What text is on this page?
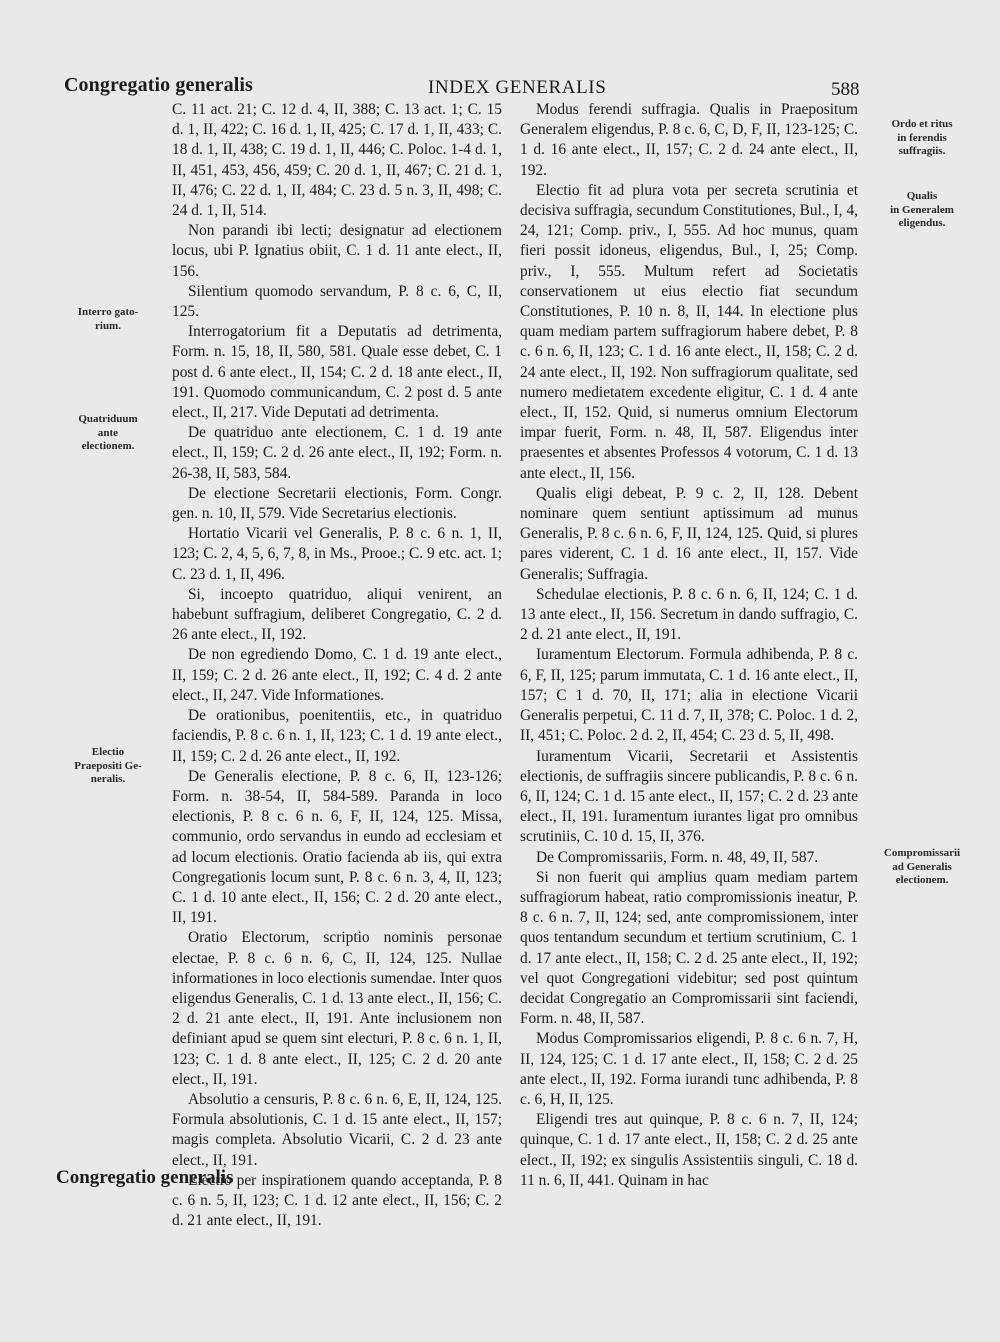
Congregatio generalis	INDEX GENERALIS	588
Interro gato-
rium.
Quatriduum
ante
electionem.
Electio
Praepositi Ge-
neralis.
Ordo et ritus
in ferendis
suffragiis.
Qualis
in Generalem
eligendus.
Compromissarii
ad Generalis
electionem.

C. 11 act. 21; C. 12 d. 4, II, 388; C. 13 act. 1; C. 15 d. 1, II, 422; C. 16 d. 1, II, 425; C. 17 d. 1, II, 433; C. 18 d. 1, II, 438; C. 19 d. 1, II, 446; C. Poloc. 1-4 d. 1, II, 451, 453, 456, 459; C. 20 d. 1, II, 467; C. 21 d. 1, II, 476; C. 22 d. 1, II, 484; C. 23 d. 5 n. 3, II, 498; C. 24 d. 1, II, 514.

Non parandi ibi lecti; designatur ad electionem locus, ubi P. Ignatius obiit, C. 1 d. 11 ante elect., II, 156.

Silentium quomodo servandum, P. 8 c. 6, C, II, 125.

Interrogatorium fit a Deputatis ad detrimenta, Form. n. 15, 18, II, 580, 581. Quale esse debet, C. 1 post d. 6 ante elect., II, 154; C. 2 d. 18 ante elect., II, 191. Quomodo communicandum, C. 2 post d. 5 ante elect., II, 217. Vide Deputati ad detrimenta.

De quatriduo ante electionem, C. 1 d. 19 ante elect., II, 159; C. 2 d. 26 ante elect., II, 192; Form. n. 26-38, II, 583, 584.

De electione Secretarii electionis, Form. Congr. gen. n. 10, II, 579. Vide Secretarius electionis.

Hortatio Vicarii vel Generalis, P. 8 c. 6 n. 1, II, 123; C. 2, 4, 5, 6, 7, 8, in Ms., Prooe.; C. 9 etc. act. 1; C. 23 d. 1, II, 496.

Si, incoepto quatriduo, aliqui venirent, an habebunt suffragium, deliberet Congregatio, C. 2 d. 26 ante elect., II, 192.

De non egrediendo Domo, C. 1 d. 19 ante elect., II, 159; C. 2 d. 26 ante elect., II, 192; C. 4 d. 2 ante elect., II, 247. Vide Informationes.

De orationibus, poenitentiis, etc., in quatriduo faciendis, P. 8 c. 6 n. 1, II, 123; C. 1 d. 19 ante elect., II, 159; C. 2 d. 26 ante elect., II, 192.

De Generalis electione, P. 8 c. 6, II, 123-126; Form. n. 38-54, II, 584-589. Paranda in loco electionis, P. 8 c. 6 n. 6, F, II, 124, 125. Missa, communio, ordo servandus in eundo ad ecclesiam et ad locum electionis. Oratio facienda ab iis, qui extra Congregationis locum sunt, P. 8 c. 6 n. 3, 4, II, 123; C. 1 d. 10 ante elect., II, 156; C. 2 d. 20 ante elect., II, 191.

Oratio Electorum, scriptio nominis personae electae, P. 8 c. 6 n. 6, C, II, 124, 125. Nullae informationes in loco electionis sumendae. Inter quos eligendus Generalis, C. 1 d. 13 ante elect., II, 156; C. 2 d. 21 ante elect., II, 191. Ante inclusionem non definiant apud se quem sint electuri, P. 8 c. 6 n. 1, II, 123; C. 1 d. 8 ante elect., II, 125; C. 2 d. 20 ante elect., II, 191.

Absolutio a censuris, P. 8 c. 6 n. 6, E, II, 124, 125. Formula absolutionis, C. 1 d. 15 ante elect., II, 157; magis completa. Absolutio Vicarii, C. 2 d. 23 ante elect., II, 191.

Electio per inspirationem quando acceptanda, P. 8 c. 6 n. 5, II, 123; C. 1 d. 12 ante elect., II, 156; C. 2 d. 21 ante elect., II, 191.

Modus ferendi suffragia. Qualis in Praepositum Generalem eligendus, P. 8 c. 6, C, D, F, II, 123-125; C. 1 d. 16 ante elect., II, 157; C. 2 d. 24 ante elect., II, 192.

Electio fit ad plura vota per secreta scrutinia et decisiva suffragia, secundum Constitutiones, Bul., I, 4, 24, 121; Comp. priv., I, 555. Ad hoc munus, quam fieri possit idoneus, eligendus, Bul., I, 25; Comp. priv., I, 555. Multum refert ad Societatis conservationem ut eius electio fiat secundum Constitutiones, P. 10 n. 8, II, 144. In electione plus quam mediam partem suffragiorum habere debet, P. 8 c. 6 n. 6, II, 123; C. 1 d. 16 ante elect., II, 158; C. 2 d. 24 ante elect., II, 192. Non suffragiorum qualitate, sed numero medietatem excedente eligitur, C. 1 d. 4 ante elect., II, 152. Quid, si numerus omnium Electorum impar fuerit, Form. n. 48, II, 587. Eligendus inter praesentes et absentes Professos 4 votorum, C. 1 d. 13 ante elect., II, 156.

Qualis eligi debeat, P. 9 c. 2, II, 128. Debent nominare quem sentiunt aptissimum ad munus Generalis, P. 8 c. 6 n. 6, F, II, 124, 125. Quid, si plures pares viderent, C. 1 d. 16 ante elect., II, 157. Vide Generalis; Suffragia.

Schedulae electionis, P. 8 c. 6 n. 6, II, 124; C. 1 d. 13 ante elect., II, 156. Secretum in dando suffragio, C. 2 d. 21 ante elect., II, 191.

Iuramentum Electorum. Formula adhibenda, P. 8 c. 6, F, II, 125; parum immutata, C. 1 d. 16 ante elect., II, 157; C 1 d. 70, II, 171; alia in electione Vicarii Generalis perpetui, C. 11 d. 7, II, 378; C. Poloc. 1 d. 2, II, 451; C. Poloc. 2 d. 2, II, 454; C. 23 d. 5, II, 498.

Iuramentum Vicarii, Secretarii et Assistentis electionis, de suffragiis sincere publicandis, P. 8 c. 6 n. 6, II, 124; C. 1 d. 15 ante elect., II, 157; C. 2 d. 23 ante elect., II, 191. Iuramentum iurantes ligat pro omnibus scrutiniis, C. 10 d. 15, II, 376.

De Compromissariis, Form. n. 48, 49, II, 587.

Si non fuerit qui amplius quam mediam partem suffragiorum habeat, ratio compromissionis ineatur, P. 8 c. 6 n. 7, II, 124; sed, ante compromissionem, inter quos tentandum secundum et tertium scrutinium, C. 1 d. 17 ante elect., II, 158; C. 2 d. 25 ante elect., II, 192; vel quot Congregationi videbitur; sed post quintum decidat Congregatio an Compromissarii sint faciendi, Form. n. 48, II, 587.

Modus Compromissarios eligendi, P. 8 c. 6 n. 7, H, II, 124, 125; C. 1 d. 17 ante elect., II, 158; C. 2 d. 25 ante elect., II, 192. Forma iurandi tunc adhibenda, P. 8 c. 6, H, II, 125.

Eligendi tres aut quinque, P. 8 c. 6 n. 7, II, 124; quinque, C. 1 d. 17 ante elect., II, 158; C. 2 d. 25 ante elect., II, 192; ex singulis Assistentiis singuli, C. 18 d. 11 n. 6, II, 441. Quinam in hac

Congregatio generalis
